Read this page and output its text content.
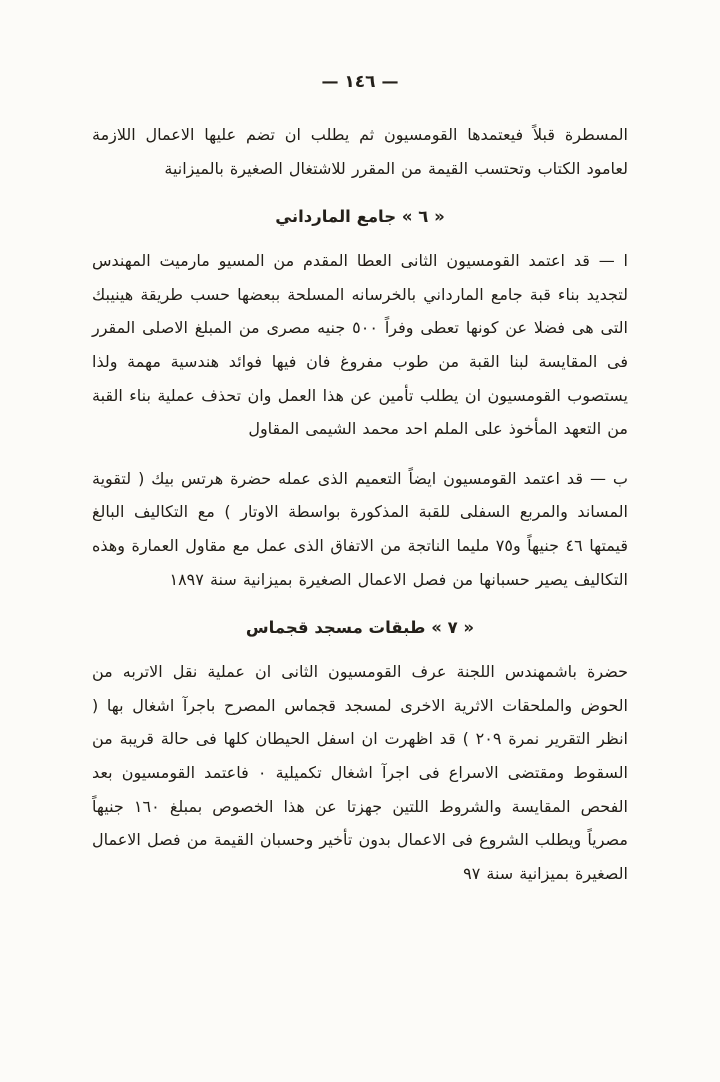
— ١٤٦ —

المسطرة قبلاً فيعتمدها القومسيون ثم يطلب ان تضم عليها الاعمال اللازمة لعامود الكتاب وتحتسب القيمة من المقرر للاشتغال الصغيرة بالميزانية

« ٦ » جامع المارداني

ا — قد اعتمد القومسيون الثانى العطا المقدم من المسيو مارميت المهندس لتجديد بناء قبة جامع المارداني بالخرسانه المسلحة ببعضها حسب طريقة هينيبك التى هى فضلا عن كونها تعطى وفراً ٥٠٠ جنيه مصرى من المبلغ الاصلى المقرر فى المقايسة لبنا القبة من طوب مفروغ فان فيها فوائد هندسية مهمة ولذا يستصوب القومسيون ان يطلب تأمين عن هذا العمل وان تحذف عملية بناء القبة من التعهد المأخوذ على الملم احد محمد الشيمى المقاول

ب — قد اعتمد القومسيون ايضاً التعميم الذى عمله حضرة هرتس بيك ( لتقوية المساند والمربع السفلى للقبة المذكورة بواسطة الاوتار ) مع التكاليف البالغ قيمتها ٤٦ جنيهاً و٧٥ مليما الناتجة من الاتفاق الذى عمل مع مقاول العمارة وهذه التكاليف يصير حسبانها من فصل الاعمال الصغيرة بميزانية سنة ١٨٩٧

« ٧ » طبقات مسجد قجماس

حضرة باشمهندس اللجنة عرف القومسيون الثانى ان عملية نقل الاتربه من الحوض والملحقات الاثرية الاخرى لمسجد قجماس المصرح باجرآ اشغال بها ( انظر التقرير نمرة ٢٠٩ ) قد اظهرت ان اسفل الحيطان كلها فى حالة قريبة من السقوط ومقتضى الاسراع فى اجرآ اشغال تكميلية ٠ فاعتمد القومسيون بعد الفحص المقايسة والشروط اللتين جهزتا عن هذا الخصوص بمبلغ ١٦٠ جنيهاً مصرياً ويطلب الشروع فى الاعمال بدون تأخير وحسبان القيمة من فصل الاعمال الصغيرة بميزانية سنة ٩٧
